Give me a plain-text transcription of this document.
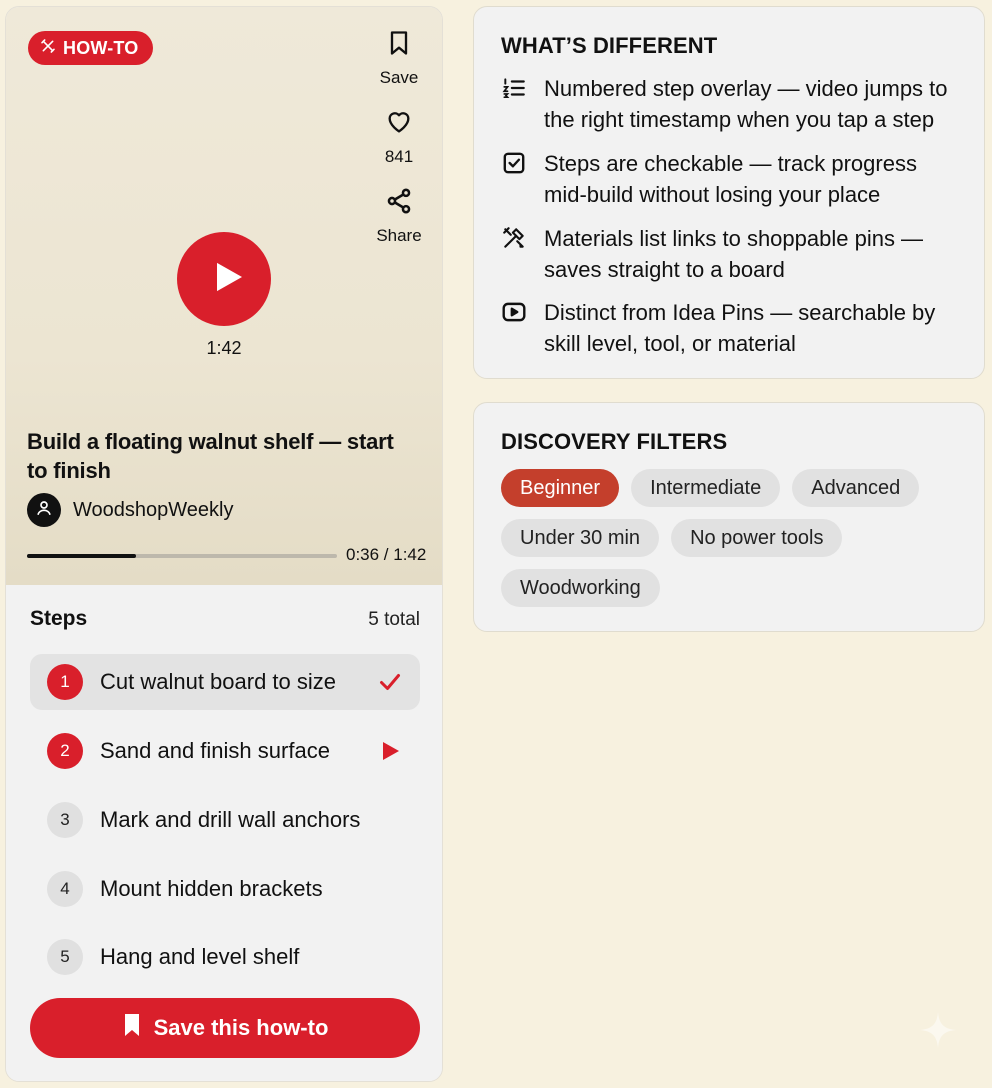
HOW-TO
Save
841
Share
1:42
Build a floating walnut shelf — start to finish
WoodshopWeekly
0:36 / 1:42
Steps	5 total
1	Cut walnut board to size
2	Sand and finish surface
3	Mark and drill wall anchors
4	Mount hidden brackets
5	Hang and level shelf
Save this how-to
WHAT’S DIFFERENT
Numbered step overlay — video jumps to the right timestamp when you tap a step
Steps are checkable — track progress mid-build without losing your place
Materials list links to shoppable pins — saves straight to a board
Distinct from Idea Pins — searchable by skill level, tool, or material
DISCOVERY FILTERS
Beginner	Intermediate	Advanced
Under 30 min	No power tools
Woodworking
